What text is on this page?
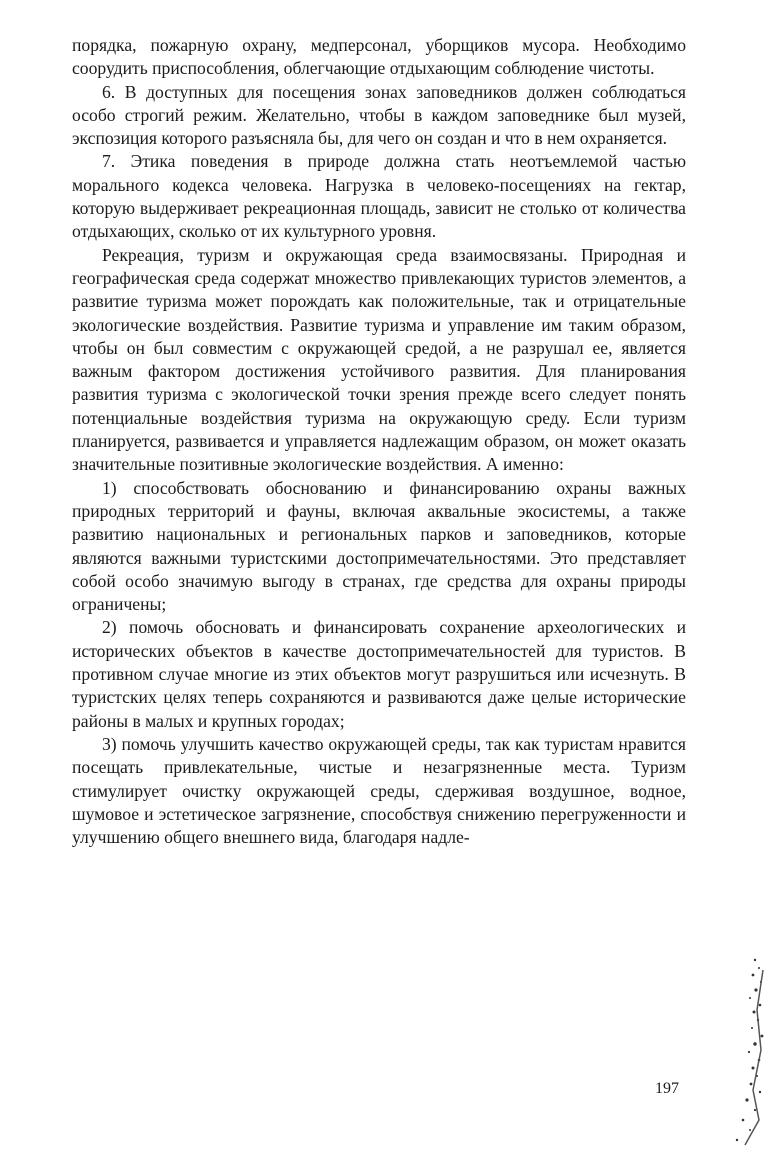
порядка, пожарную охрану, медперсонал, уборщиков мусора. Необходимо соорудить приспособления, облегчающие отдыхающим соблюдение чистоты.

6. В доступных для посещения зонах заповедников должен соблюдаться особо строгий режим. Желательно, чтобы в каждом заповеднике был музей, экспозиция которого разъясняла бы, для чего он создан и что в нем охраняется.

7. Этика поведения в природе должна стать неотъемлемой частью морального кодекса человека. Нагрузка в человеко-посещениях на гектар, которую выдерживает рекреационная площадь, зависит не столько от количества отдыхающих, сколько от их культурного уровня.

Рекреация, туризм и окружающая среда взаимосвязаны. Природная и географическая среда содержат множество привлекающих туристов элементов, а развитие туризма может порождать как положительные, так и отрицательные экологические воздействия. Развитие туризма и управление им таким образом, чтобы он был совместим с окружающей средой, а не разрушал ее, является важным фактором достижения устойчивого развития. Для планирования развития туризма с экологической точки зрения прежде всего следует понять потенциальные воздействия туризма на окружающую среду. Если туризм планируется, развивается и управляется надлежащим образом, он может оказать значительные позитивные экологические воздействия. А именно:

1) способствовать обоснованию и финансированию охраны важных природных территорий и фауны, включая аквальные экосистемы, а также развитию национальных и региональных парков и заповедников, которые являются важными туристскими достопримечательностями. Это представляет собой особо значимую выгоду в странах, где средства для охраны природы ограничены;

2) помочь обосновать и финансировать сохранение археологических и исторических объектов в качестве достопримечательностей для туристов. В противном случае многие из этих объектов могут разрушиться или исчезнуть. В туристских целях теперь сохраняются и развиваются даже целые исторические районы в малых и крупных городах;

3) помочь улучшить качество окружающей среды, так как туристам нравится посещать привлекательные, чистые и незагрязненные места. Туризм стимулирует очистку окружающей среды, сдерживая воздушное, водное, шумовое и эстетическое загрязнение, способствуя снижению перегруженности и улучшению общего внешнего вида, благодаря надле-

197
